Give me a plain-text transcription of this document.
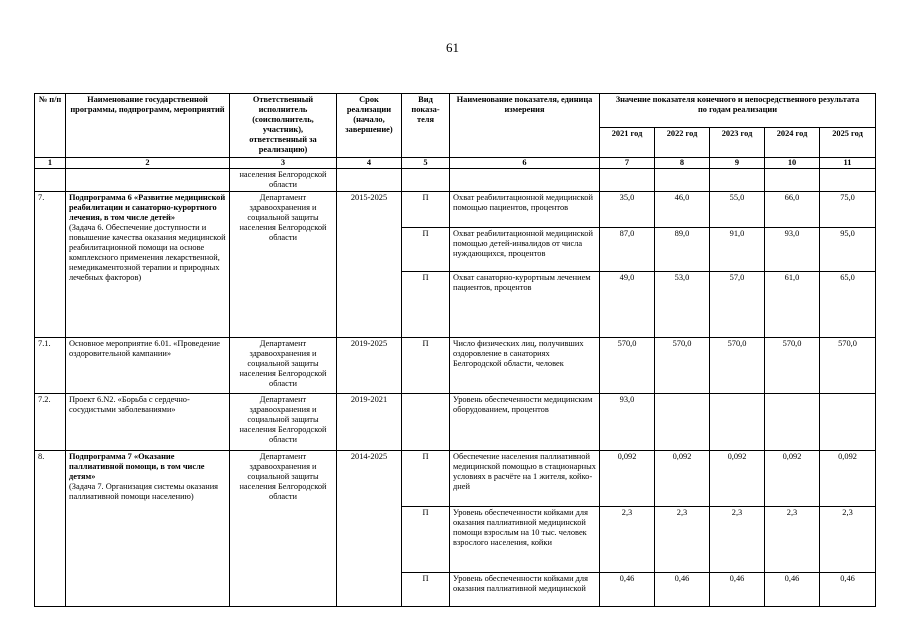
61
№ п/п	Наименование государственной программы, подпрограмм, мероприятий	Ответственный исполнитель (соисполнитель, участник), ответственный за реализацию)	Срок реализации (начало, завершение)	Вид показа- теля	Наименование показателя, единица измерения	Значение показателя конечного и непосредственного результата
по годам реализации				
						2021 год	2022 год	2023 год	2024 год	2025 год
1	2	3	4	5	6	7	8	9	10	11
		населения Белгородской области								
7.	Подпрограмма 6 «Развитие медицинской реабилитации и санаторно-курортного лечения, в том числе детей»
(Задача 6. Обеспечение доступности и повышение качества оказания медицинской реабилитационной помощи на основе комплексного применения лекарственной, немедикаментозной терапии и природных лечебных факторов)	Департамент здравоохранения и социальной защиты населения Белгородской области	2015-2025	П	Охват реабилитационной медицинской помощью пациентов, процентов	35,0	46,0	55,0	66,0	75,0
				П	Охват реабилитационной медицинской помощью детей-инвалидов от числа нуждающихся, процентов	87,0	89,0	91,0	93,0	95,0
				П	Охват санаторно-курортным лечением пациентов, процентов	49,0	53,0	57,0	61,0	65,0
7.1.	Основное мероприятие 6.01. «Проведение оздоровительной кампании»	Департамент здравоохранения и социальной защиты населения Белгородской области	2019-2025	П	Число физических лиц, получивших оздоровление в санаториях Белгородской области, человек	570,0	570,0	570,0	570,0	570,0
7.2.	Проект 6.N2. «Борьба с сердечно-сосудистыми заболеваниями»	Департамент здравоохранения и социальной защиты населения Белгородской области	2019-2021		Уровень обеспеченности медицинским оборудованием, процентов	93,0				
8.	Подпрограмма 7 «Оказание паллиативной помощи, в том числе детям»
(Задача 7. Организация системы оказания паллиативной помощи населению)	Департамент здравоохранения и социальной защиты населения Белгородской области	2014-2025	П	Обеспечение населения паллиативной медицинской помощью в стационарных условиях в расчёте на 1 жителя, койко-дней	0,092	0,092	0,092	0,092	0,092
				П	Уровень обеспеченности койками для оказания паллиативной медицинской помощи взрослым на 10 тыс. человек взрослого населения, койки	2,3	2,3	2,3	2,3	2,3
				П	Уровень обеспеченности койками для оказания паллиативной медицинской	0,46	0,46	0,46	0,46	0,46
